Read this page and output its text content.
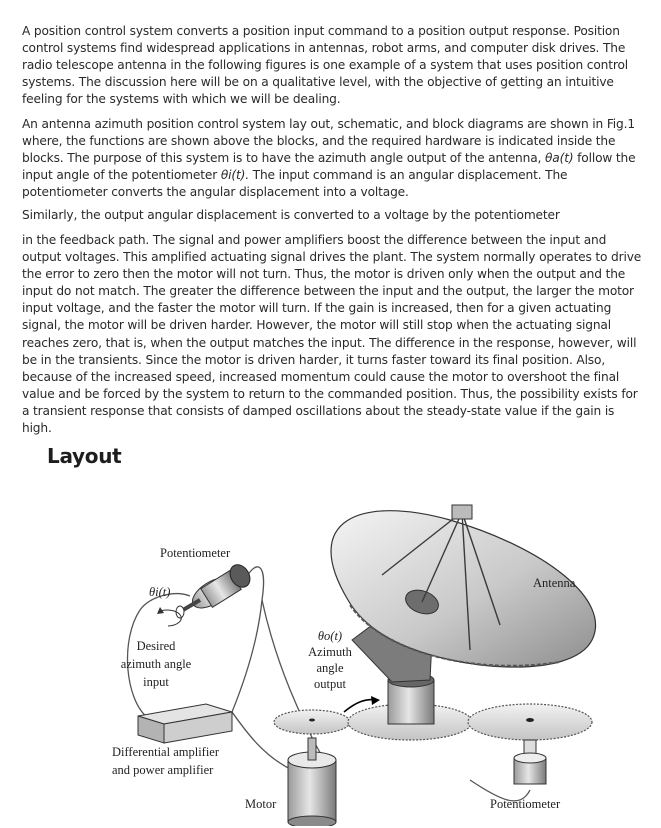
A position control system converts a position input command to a position output response. Position control systems find widespread applications in antennas, robot arms, and computer disk drives. The radio telescope antenna in the following figures is one example of a system that uses position control systems. The discussion here will be on a qualitative level, with the objective of getting an intuitive feeling for the systems with which we will be dealing.

An antenna azimuth position control system lay out, schematic, and block diagrams are shown in Fig.1 where, the functions are shown above the blocks, and the required hardware is indicated inside the blocks. The purpose of this system is to have the azimuth angle output of the antenna, θa(t) follow the input angle of the potentiometer θi(t). The input command is an angular displacement. The potentiometer converts the angular displacement into a voltage.

Similarly, the output angular displacement is converted to a voltage by the potentiometer

in the feedback path. The signal and power amplifiers boost the difference between the input and output voltages. This amplified actuating signal drives the plant. The system normally operates to drive the error to zero then the motor will not turn. Thus, the motor is driven only when the output and the input do not match. The greater the difference between the input and the output, the larger the motor input voltage, and the faster the motor will turn. If the gain is increased, then for a given actuating signal, the motor will be driven harder. However, the motor will still stop when the actuating signal reaches zero, that is, when the output matches the input. The difference in the response, however, will be in the transients. Since the motor is driven harder, it turns faster toward its final position. Also, because of the increased speed, increased momentum could cause the motor to overshoot the final value and be forced by the system to return to the commanded position. Thus, the possibility exists for a transient response that consists of damped oscillations about the steady-state value if the gain is high.

Layout
Potentiometer
θi(t)
Desired
azimuth angle
input
θo(t)
Azimuth
angle
output
Antenna
Differential amplifier
and power amplifier
Motor	Potentiometer
